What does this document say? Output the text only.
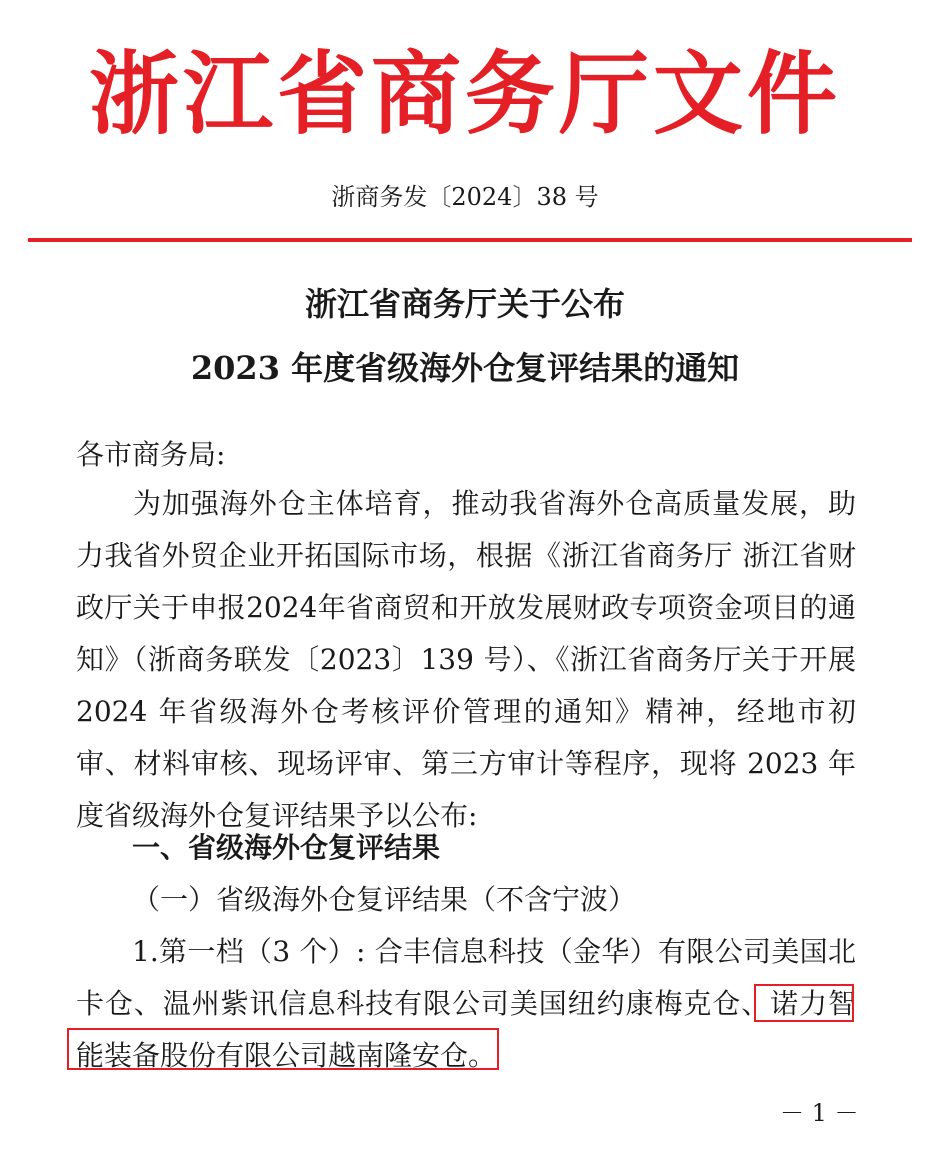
浙江省商务厅文件
浙商务发〔2024〕38 号
浙江省商务厅关于公布
2023 年度省级海外仓复评结果的通知
各市商务局:
为加强海外仓主体培育，推动我省海外仓高质量发展，助力我省外贸企业开拓国际市场，根据《浙江省商务厅 浙江省财政厅关于申报2024年省商贸和开放发展财政专项资金项目的通知》（浙商务联发〔2023〕139 号）、《浙江省商务厅关于开展 2024 年省级海外仓考核评价管理的通知》精神，经地市初审、材料审核、现场评审、第三方审计等程序，现将 2023 年度省级海外仓复评结果予以公布:
一、省级海外仓复评结果
（一）省级海外仓复评结果（不含宁波）
1.第一档（3 个）: 合丰信息科技（金华）有限公司美国北卡仓、温州紫讯信息科技有限公司美国纽约康梅克仓、诺力智能装备股份有限公司越南隆安仓。
－ 1 －
